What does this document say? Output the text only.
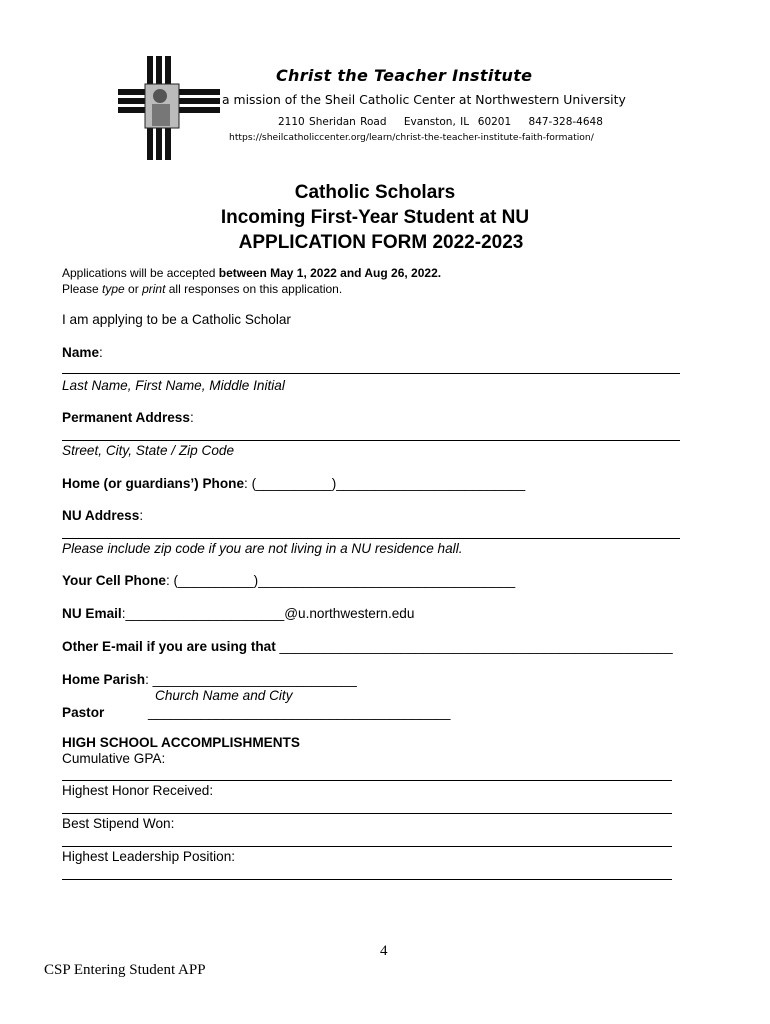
Christ the Teacher Institute
a mission of the Sheil Catholic Center at Northwestern University
2110 Sheridan Road    Evanston, IL  60201    847-328-4648
https://sheilcatholiccenter.org/learn/christ-the-teacher-institute-faith-formation/
Catholic Scholars
Incoming First-Year Student at NU
APPLICATION FORM 2022-2023
Applications will be accepted between May 1, 2022 and Aug 26, 2022.
Please type or print all responses on this application.
I am applying to be a Catholic Scholar
Name:
Last Name, First Name, Middle Initial
Permanent Address:
Street, City, State / Zip Code
Home (or guardians’) Phone: (__________)_________________________
NU Address:
Please include zip code if you are not living in a NU residence hall.
Your Cell Phone: (__________)__________________________________
NU Email:_____________________@u.northwestern.edu
Other E-mail if you are using that ____________________________________________________
Home Parish: ___________________________
Church Name and City
Pastor	________________________________________
HIGH SCHOOL ACCOMPLISHMENTS
Cumulative GPA:
Highest Honor Received:
Best Stipend Won:
Highest Leadership Position:
4
CSP Entering Student APP
